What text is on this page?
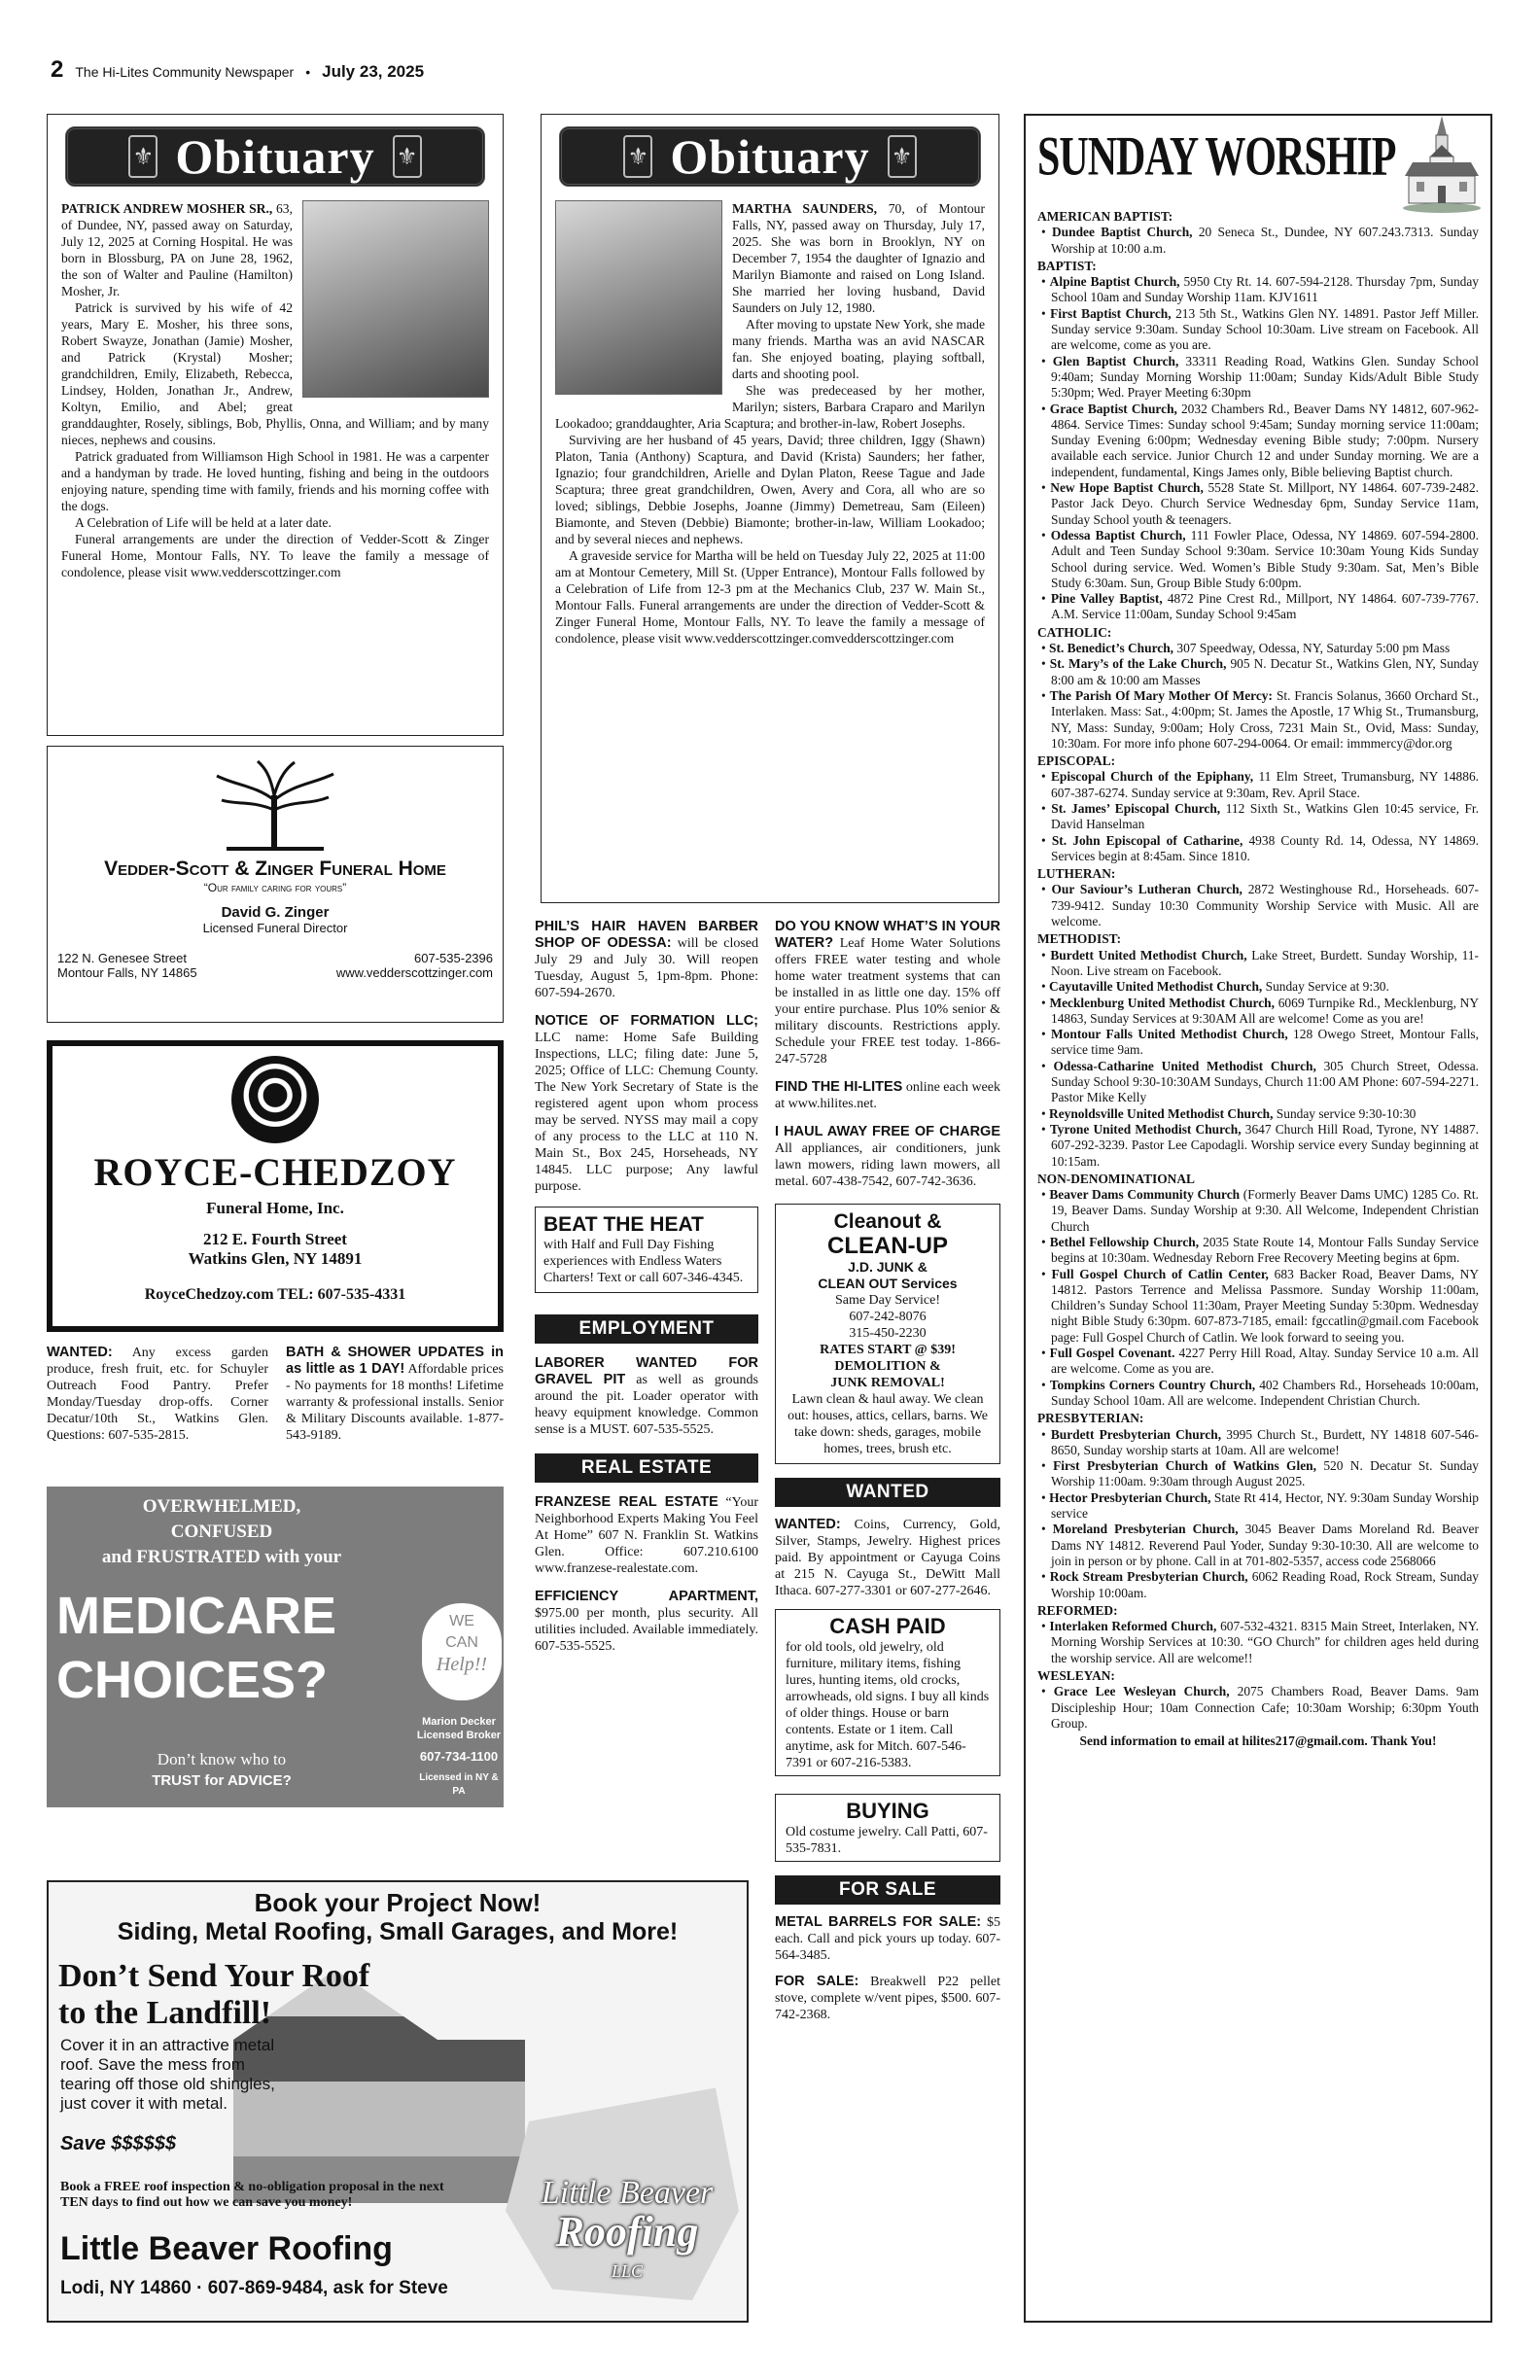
2 The Hi-Lites Community Newspaper • July 23, 2025
⚜ Obituary ⚜
PATRICK ANDREW MOSHER SR., 63, of Dundee, NY, passed away on Saturday, July 12, 2025 at Corning Hospital. He was born in Blossburg, PA on June 28, 1962, the son of Walter and Pauline (Hamilton) Mosher, Jr.

Patrick is survived by his wife of 42 years, Mary E. Mosher, his three sons, Robert Swayze, Jonathan (Jamie) Mosher, and Patrick (Krystal) Mosher; grandchildren, Emily, Elizabeth, Rebecca, Lindsey, Holden, Jonathan Jr., Andrew, Koltyn, Emilio, and Abel; great granddaughter, Rosely, siblings, Bob, Phyllis, Onna, and William; and by many nieces, nephews and cousins.

Patrick graduated from Williamson High School in 1981. He was a carpenter and a handyman by trade. He loved hunting, fishing and being in the outdoors enjoying nature, spending time with family, friends and his morning coffee with the dogs.

A Celebration of Life will be held at a later date.

Funeral arrangements are under the direction of Vedder-Scott & Zinger Funeral Home, Montour Falls, NY. To leave the family a message of condolence, please visit www.vedderscottzinger.com

⚜ Obituary ⚜
MARTHA SAUNDERS, 70, of Montour Falls, NY, passed away on Thursday, July 17, 2025. She was born in Brooklyn, NY on December 7, 1954 the daughter of Ignazio and Marilyn Biamonte and raised on Long Island. She married her loving husband, David Saunders on July 12, 1980.

After moving to upstate New York, she made many friends. Martha was an avid NASCAR fan. She enjoyed boating, playing softball, darts and shooting pool.

She was predeceased by her mother, Marilyn; sisters, Barbara Craparo and Marilyn Lookadoo; granddaughter, Aria Scaptura; and brother-in-law, Robert Josephs.

Surviving are her husband of 45 years, David; three children, Iggy (Shawn) Platon, Tania (Anthony) Scaptura, and David (Krista) Saunders; her father, Ignazio; four grandchildren, Arielle and Dylan Platon, Reese Tague and Jade Scaptura; three great grandchildren, Owen, Avery and Cora, all who are so loved; siblings, Debbie Josephs, Joanne (Jimmy) Demetreau, Sam (Eileen) Biamonte, and Steven (Debbie) Biamonte; brother-in-law, William Lookadoo; and by several nieces and nephews.

A graveside service for Martha will be held on Tuesday July 22, 2025 at 11:00 am at Montour Cemetery, Mill St. (Upper Entrance), Montour Falls followed by a Celebration of Life from 12-3 pm at the Mechanics Club, 237 W. Main St., Montour Falls. Funeral arrangements are under the direction of Vedder-Scott & Zinger Funeral Home, Montour Falls, NY. To leave the family a message of condolence, please visit www.vedderscottzinger.comvedderscottzinger.com

Vedder-Scott & Zinger Funeral Home
“Our family caring for yours”
David G. Zinger
Licensed Funeral Director
122 N. Genesee Street	607-535-2396
Montour Falls, NY 14865	www.vedderscottzinger.com
ROYCE-CHEDZOY
Funeral Home, Inc.
212 E. Fourth Street
Watkins Glen, NY 14891
RoyceChedzoy.com TEL: 607-535-4331
WANTED: Any excess garden produce, fresh fruit, etc. for Schuyler Outreach Food Pantry. Prefer Monday/Tuesday drop-offs. Corner Decatur/10th St., Watkins Glen. Questions: 607-535-2815.
BATH & SHOWER UPDATES in as little as 1 DAY! Affordable prices - No payments for 18 months! Lifetime warranty & professional installs. Senior & Military Discounts available. 1-877-543-9189.
OVERWHELMED,
CONFUSED
and FRUSTRATED with your
MEDICARE
CHOICES?
Don’t know who to
TRUST for ADVICE?
WE
CAN
Help!!
Marion Decker
Licensed Broker
607-734-1100
Licensed in NY & PA
Book your Project Now!
Siding, Metal Roofing, Small Garages, and More!
Don’t Send Your Roof
to the Landfill!
Cover it in an attractive metal roof. Save the mess from tearing off those old shingles, just cover it with metal.
Save $$$$$$
Book a FREE roof inspection & no-obligation proposal in the next TEN days to find out how we can save you money!
Little Beaver Roofing
Lodi, NY 14860 · 607-869-9484, ask for Steve
Little Beaver
Roofing
LLC
PHIL’S HAIR HAVEN BARBER SHOP OF ODESSA: will be closed July 29 and July 30. Will reopen Tuesday, August 5, 1pm-8pm. Phone: 607-594-2670.
NOTICE OF FORMATION LLC; LLC name: Home Safe Building Inspections, LLC; filing date: June 5, 2025; Office of LLC: Chemung County. The New York Secretary of State is the registered agent upon whom process may be served. NYSS may mail a copy of any process to the LLC at 110 N. Main St., Box 245, Horseheads, NY 14845. LLC purpose; Any lawful purpose.
BEAT THE HEAT
with Half and Full Day Fishing experiences with Endless Waters Charters! Text or call 607-346-4345.
EMPLOYMENT
LABORER WANTED FOR GRAVEL PIT as well as grounds around the pit. Loader operator with heavy equipment knowledge. Common sense is a MUST. 607-535-5525.
REAL ESTATE
FRANZESE REAL ESTATE “Your Neighborhood Experts Making You Feel At Home” 607 N. Franklin St. Watkins Glen. Office: 607.210.6100 www.franzese-realestate.com.
EFFICIENCY APARTMENT, $975.00 per month, plus security. All utilities included. Available immediately. 607-535-5525.
DO YOU KNOW WHAT’S IN YOUR WATER? Leaf Home Water Solutions offers FREE water testing and whole home water treatment systems that can be installed in as little one day. 15% off your entire purchase. Plus 10% senior & military discounts. Restrictions apply. Schedule your FREE test today. 1-866-247-5728
FIND THE HI-LITES online each week at www.hilites.net.
I HAUL AWAY FREE OF CHARGE All appliances, air conditioners, junk lawn mowers, riding lawn mowers, all metal. 607-438-7542, 607-742-3636.
Cleanout &
CLEAN-UP
J.D. JUNK &
CLEAN OUT Services
Same Day Service!
607-242-8076
315-450-2230
RATES START @ $39!
DEMOLITION &
JUNK REMOVAL!
Lawn clean & haul away. We clean out: houses, attics, cellars, barns. We take down: sheds, garages, mobile homes, trees, brush etc.
WANTED
WANTED: Coins, Currency, Gold, Silver, Stamps, Jewelry. Highest prices paid. By appointment or Cayuga Coins at 215 N. Cayuga St., DeWitt Mall Ithaca. 607-277-3301 or 607-277-2646.
CASH PAID
for old tools, old jewelry, old furniture, military items, fishing lures, hunting items, old crocks, arrowheads, old signs. I buy all kinds of older things. House or barn contents. Estate or 1 item. Call anytime, ask for Mitch. 607-546-7391 or 607-216-5383.
BUYING
Old costume jewelry. Call Patti, 607-535-7831.
FOR SALE
METAL BARRELS FOR SALE: $5 each. Call and pick yours up today. 607-564-3485.
FOR SALE: Breakwell P22 pellet stove, complete w/vent pipes, $500. 607-742-2368.
SUNDAY WORSHIP
AMERICAN BAPTIST:
• Dundee Baptist Church, 20 Seneca St., Dundee, NY 607.243.7313. Sunday Worship at 10:00 a.m.
BAPTIST:
• Alpine Baptist Church, 5950 Cty Rt. 14. 607-594-2128. Thursday 7pm, Sunday School 10am and Sunday Worship 11am. KJV1611
• First Baptist Church, 213 5th St., Watkins Glen NY. 14891. Pastor Jeff Miller. Sunday service 9:30am. Sunday School 10:30am. Live stream on Facebook. All are welcome, come as you are.
• Glen Baptist Church, 33311 Reading Road, Watkins Glen. Sunday School 9:40am; Sunday Morning Worship 11:00am; Sunday Kids/Adult Bible Study 5:30pm; Wed. Prayer Meeting 6:30pm
• Grace Baptist Church, 2032 Chambers Rd., Beaver Dams NY 14812, 607-962-4864. Service Times: Sunday school 9:45am; Sunday morning service 11:00am; Sunday Evening 6:00pm; Wednesday evening Bible study; 7:00pm. Nursery available each service. Junior Church 12 and under Sunday morning. We are a independent, fundamental, Kings James only, Bible believing Baptist church.
• New Hope Baptist Church, 5528 State St. Millport, NY 14864. 607-739-2482. Pastor Jack Deyo. Church Service Wednesday 6pm, Sunday Service 11am, Sunday School youth & teenagers.
• Odessa Baptist Church, 111 Fowler Place, Odessa, NY 14869. 607-594-2800. Adult and Teen Sunday School 9:30am. Service 10:30am Young Kids Sunday School during service. Wed. Women’s Bible Study 9:30am. Sat, Men’s Bible Study 6:30am. Sun, Group Bible Study 6:00pm.
• Pine Valley Baptist, 4872 Pine Crest Rd., Millport, NY 14864. 607-739-7767. A.M. Service 11:00am, Sunday School 9:45am
CATHOLIC:
• St. Benedict’s Church, 307 Speedway, Odessa, NY, Saturday 5:00 pm Mass
• St. Mary’s of the Lake Church, 905 N. Decatur St., Watkins Glen, NY, Sunday 8:00 am & 10:00 am Masses
• The Parish Of Mary Mother Of Mercy: St. Francis Solanus, 3660 Orchard St., Interlaken. Mass: Sat., 4:00pm; St. James the Apostle, 17 Whig St., Trumansburg, NY, Mass: Sunday, 9:00am; Holy Cross, 7231 Main St., Ovid, Mass: Sunday, 10:30am. For more info phone 607-294-0064. Or email: immmercy@dor.org
EPISCOPAL:
• Episcopal Church of the Epiphany, 11 Elm Street, Trumansburg, NY 14886. 607-387-6274. Sunday service at 9:30am, Rev. April Stace.
• St. James’ Episcopal Church, 112 Sixth St., Watkins Glen 10:45 service, Fr. David Hanselman
• St. John Episcopal of Catharine, 4938 County Rd. 14, Odessa, NY 14869. Services begin at 8:45am. Since 1810.
LUTHERAN:
• Our Saviour’s Lutheran Church, 2872 Westinghouse Rd., Horseheads. 607-739-9412. Sunday 10:30 Community Worship Service with Music. All are welcome.
METHODIST:
• Burdett United Methodist Church, Lake Street, Burdett. Sunday Worship, 11-Noon. Live stream on Facebook.
• Cayutaville United Methodist Church, Sunday Service at 9:30.
• Mecklenburg United Methodist Church, 6069 Turnpike Rd., Mecklenburg, NY 14863, Sunday Services at 9:30AM All are welcome! Come as you are!
• Montour Falls United Methodist Church, 128 Owego Street, Montour Falls, service time 9am.
• Odessa-Catharine United Methodist Church, 305 Church Street, Odessa. Sunday School 9:30-10:30AM Sundays, Church 11:00 AM Phone: 607-594-2271. Pastor Mike Kelly
• Reynoldsville United Methodist Church, Sunday service 9:30-10:30
• Tyrone United Methodist Church, 3647 Church Hill Road, Tyrone, NY 14887. 607-292-3239. Pastor Lee Capodagli. Worship service every Sunday beginning at 10:15am.
NON-DENOMINATIONAL
• Beaver Dams Community Church (Formerly Beaver Dams UMC) 1285 Co. Rt. 19, Beaver Dams. Sunday Worship at 9:30. All Welcome, Independent Christian Church
• Bethel Fellowship Church, 2035 State Route 14, Montour Falls Sunday Service begins at 10:30am. Wednesday Reborn Free Recovery Meeting begins at 6pm.
• Full Gospel Church of Catlin Center, 683 Backer Road, Beaver Dams, NY 14812. Pastors Terrence and Melissa Passmore. Sunday Worship 11:00am, Children’s Sunday School 11:30am, Prayer Meeting Sunday 5:30pm. Wednesday night Bible Study 6:30pm. 607-873-7185, email: fgccatlin@gmail.com Facebook page: Full Gospel Church of Catlin. We look forward to seeing you.
• Full Gospel Covenant. 4227 Perry Hill Road, Altay. Sunday Service 10 a.m. All are welcome. Come as you are.
• Tompkins Corners Country Church, 402 Chambers Rd., Horseheads 10:00am, Sunday School 10am. All are welcome. Independent Christian Church.
PRESBYTERIAN:
• Burdett Presbyterian Church, 3995 Church St., Burdett, NY 14818 607-546-8650, Sunday worship starts at 10am. All are welcome!
• First Presbyterian Church of Watkins Glen, 520 N. Decatur St. Sunday Worship 11:00am. 9:30am through August 2025.
• Hector Presbyterian Church, State Rt 414, Hector, NY. 9:30am Sunday Worship service
• Moreland Presbyterian Church, 3045 Beaver Dams Moreland Rd. Beaver Dams NY 14812. Reverend Paul Yoder, Sunday 9:30-10:30. All are welcome to join in person or by phone. Call in at 701-802-5357, access code 2568066
• Rock Stream Presbyterian Church, 6062 Reading Road, Rock Stream, Sunday Worship 10:00am.
REFORMED:
• Interlaken Reformed Church, 607-532-4321. 8315 Main Street, Interlaken, NY. Morning Worship Services at 10:30. “GO Church” for children ages held during the worship service. All are welcome!!
WESLEYAN:
• Grace Lee Wesleyan Church, 2075 Chambers Road, Beaver Dams. 9am Discipleship Hour; 10am Connection Cafe; 10:30am Worship; 6:30pm Youth Group.
Send information to email at hilites217@gmail.com. Thank You!
